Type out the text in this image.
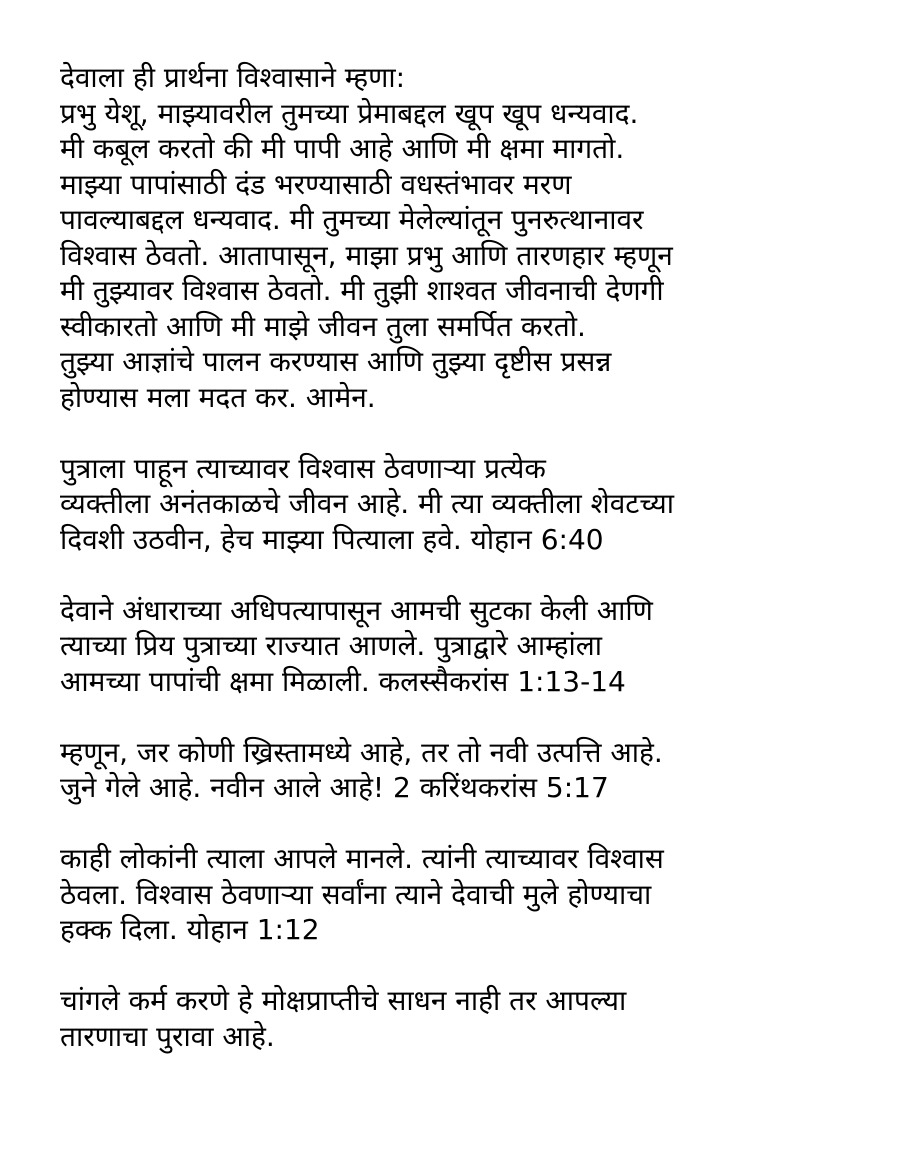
देवाला ही प्रार्थना विश्वासाने म्हणा:
प्रभु येशू, माझ्यावरील तुमच्या प्रेमाबद्दल खूप खूप धन्यवाद.
मी कबूल करतो की मी पापी आहे आणि मी क्षमा मागतो.
माझ्या पापांसाठी दंड भरण्यासाठी वधस्तंभावर मरण
पावल्याबद्दल धन्यवाद. मी तुमच्या मेलेल्यांतून पुनरुत्थानावर
विश्वास ठेवतो. आतापासून, माझा प्रभु आणि तारणहार म्हणून
मी तुझ्यावर विश्वास ठेवतो. मी तुझी शाश्वत जीवनाची देणगी
स्वीकारतो आणि मी माझे जीवन तुला समर्पित करतो.
तुझ्या आज्ञांचे पालन करण्यास आणि तुझ्या दृष्टीस प्रसन्न
होण्यास मला मदत कर. आमेन.
पुत्राला पाहून त्याच्यावर विश्वास ठेवणाऱ्या प्रत्येक
व्यक्तीला अनंतकाळचे जीवन आहे. मी त्या व्यक्तीला शेवटच्या
दिवशी उठवीन, हेच माझ्या पित्याला हवे. योहान 6:40
देवाने अंधाराच्या अधिपत्यापासून आमची सुटका केली आणि
त्याच्या प्रिय पुत्राच्या राज्यात आणले. पुत्राद्वारे आम्हांला
आमच्या पापांची क्षमा मिळाली. कलस्सैकरांस 1:13-14
म्हणून, जर कोणी ख्रिस्तामध्ये आहे, तर तो नवी उत्पत्ति आहे.
जुने गेले आहे. नवीन आले आहे! 2 करिंथकरांस 5:17
काही लोकांनी त्याला आपले मानले. त्यांनी त्याच्यावर विश्वास
ठेवला. विश्वास ठेवणाऱ्या सर्वांना त्याने देवाची मुले होण्याचा
हक्क दिला. योहान 1:12
चांगले कर्म करणे हे मोक्षप्राप्तीचे साधन नाही तर आपल्या
तारणाचा पुरावा आहे.
